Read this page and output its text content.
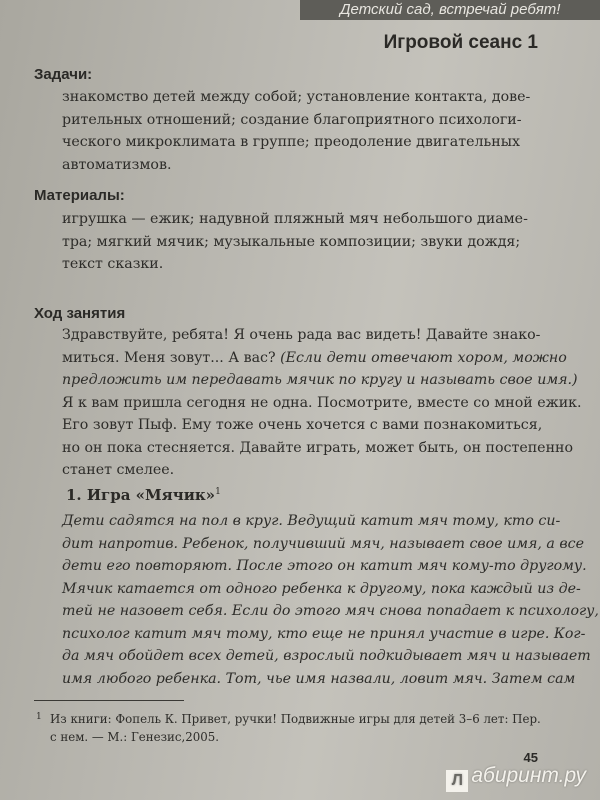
Детский сад, встречай ребят!
Игровой сеанс 1
Задачи:
знакомство детей между собой; установление контакта, дове-
рительных отношений; создание благоприятного психологи-
ческого микроклимата в группе; преодоление двигательных
автоматизмов.
Материалы:
игрушка — ежик; надувной пляжный мяч небольшого диаме-
тра; мягкий мячик; музыкальные композиции; звуки дождя;
текст сказки.
Ход занятия
Здравствуйте, ребята! Я очень рада вас видеть! Давайте знако-
миться. Меня зовут... А вас? (Если дети отвечают хором, можно
предложить им передавать мячик по кругу и называть свое имя.)
Я к вам пришла сегодня не одна. Посмотрите, вместе со мной ежик.
Его зовут Пыф. Ему тоже очень хочется с вами познакомиться,
но он пока стесняется. Давайте играть, может быть, он постепенно
станет смелее.
1. Игра «Мячик»$^1$
Дети садятся на пол в круг. Ведущий катит мяч тому, кто си-
дит напротив. Ребенок, получивший мяч, называет свое имя, а все
дети его повторяют. После этого он катит мяч кому-то другому.
Мячик катается от одного ребенка к другому, пока каждый из де-
тей не назовет себя. Если до этого мяч снова попадает к психологу,
психолог катит мяч тому, кто еще не принял участие в игре. Ког-
да мяч обойдет всех детей, взрослый подкидывает мяч и называет
имя любого ребенка. Тот, чье имя назвали, ловит мяч. Затем сам
1 Из книги: Фопель К. Привет, ручки! Подвижные игры для детей 3–6 лет: Пер.
с нем. — М.: Генезис,2005.
45
Л абиринт.ру
